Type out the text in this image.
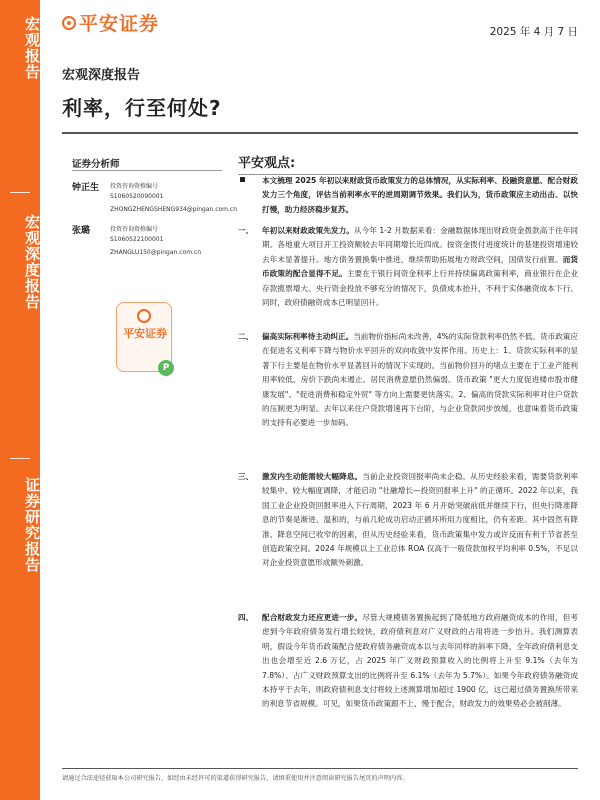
宏观报告
宏观深度报告
证券研究报告
平安证券	2025 年 4 月 7 日
宏观深度报告
利率，行至何处?
证券分析师
钟正生 投资咨询资格编号
S1060520090001
ZHONGZHENGSHENG934@pingan.com.cn
张璐	投资咨询资格编号
S1060522100001
ZHANGLU150@pingan.com.cn
平安证券
P
平安观点:
本文梳理 2025 年初以来财政货币政策发力的总体情况，从实际利率、投融资意愿、配合财政发力三个角度，评估当前利率水平的逆周期调节效果。我们认为，货币政策应主动出击、以快打慢，助力经济稳步复苏。
一、 年初以来财政政策先发力。从今年 1-2 月数据来看：金融数据体现出财政资金拨款高于往年同期。各地重大项目开工投资额较去年同期增长近四成。按资金拨付进度统计的基建投资增速较去年末显著提升。地方债务置换集中推进，继续帮助拓展地方财政空间，国债发行前置。而货币政策的配合显得不足。主要在于银行间资金利率上行并持续偏离政策利率，商业银行在企业存款揽票增大、央行资金投放不够充分的情况下，负债成本抬升，不利于实体融资成本下行。同时，政府债融资成本已明显回升。
二、 偏高实际利率待主动纠正。当前物价指标尚未改善，4%的实际贷款利率仍然不低。货币政策应在促进名义利率下降与物价水平回升的双向收敛中发挥作用。历史上：1、贷款实际利率的显著下行主要是在物价水平显著回升的情况下实现的。当前物价回升的堵点主要在于工业产能利用率较低、房价下跌尚未遏止、居民消费意愿仍然偏弱。货币政策 "更大力度促进楼市股市健康发展"、"促进消费和稳定外贸" 等方向上需要更快落实。2、偏高的贷款实际利率对住户贷款的压制更为明显。去年以来住户贷款增速再下台阶，与企业贷款同步放缓，也意味着货币政策的支持有必要进一步加码。
三、 激发内生动能需较大幅降息。当前企业投资回报率尚未企稳。从历史经验来看，需要贷款利率较集中、较大幅度调降，才能启动 "社融增长—投资回报率上升" 的正循环。2022 年以来，我国工业企业投资回报率进入下行周期，2023 年 6 月开始突破前低并继续下行，但央行降准降息的节奏是渐进、温和的，与前几轮成功启动正循环所用力度相比，仍有差距。其中固然有降准、降息空间已收窄的因素，但从历史经验来看，货币政策集中发力或许反而有利于节省甚至创造政策空间。2024 年规模以上工业总体 ROA 仅高于一般贷款加权平均利率 0.5%，不足以对企业投资意愿形成额外刺激。
四、 配合财政发力还应更进一步。尽管大规模债务置换起到了降低地方政府融资成本的作用，但考虑到今年政府债务发行增长较快，政府债利息对广义财政的占用将进一步抬升。我们测算表明，假设今年货币政策配合使政府债务融资成本以与去年同样的斜率下降，全年政府债利息支出也会增至近 2.6 万亿，占 2025 年广义财政预算收入的比例将上升至 9.1%（去年为 7.8%）、占广义财政预算支出的比例将升至 6.1%（去年为 5.7%）。如果今年政府债务融资成本持平于去年，则政府债利息支付将较上述测算增加超过 1900 亿，这已超过债务置换所带来的利息节省规模。可见，如果货币政策跟不上、慢于配合，财政发力的效果势必会被削薄。
请通过合法途径获取本公司研究报告，如经由未经许可的渠道获得研究报告，请慎重使用并注意阅读研究报告尾页的声明内容。
